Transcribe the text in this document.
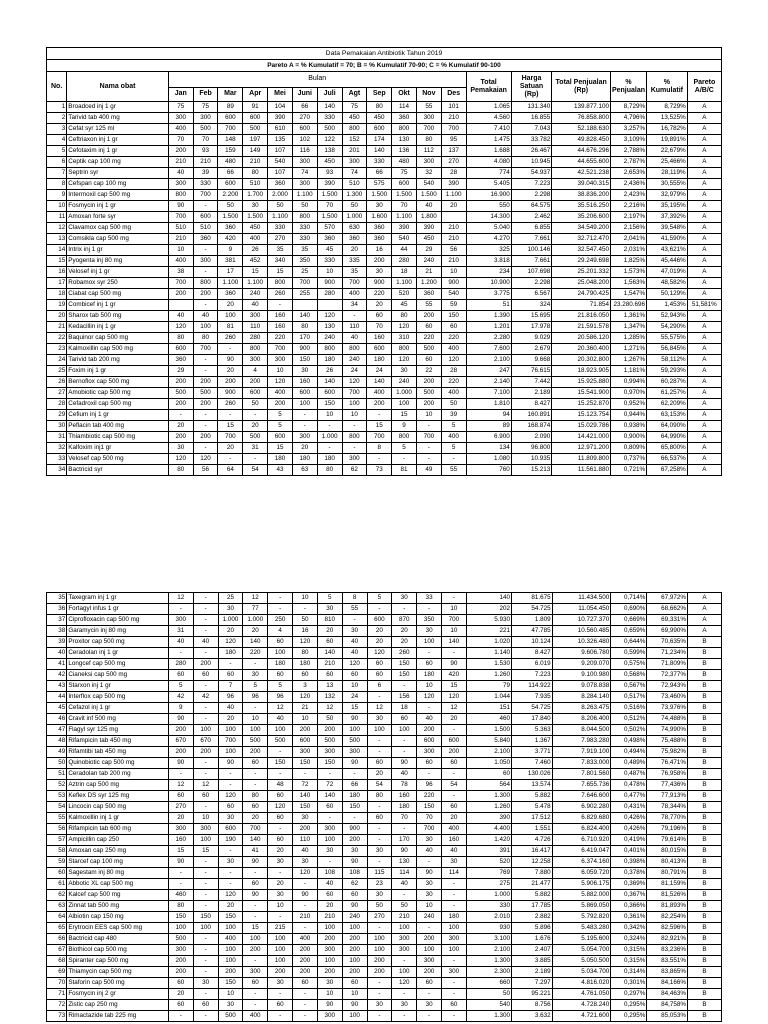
Data Pemakaian Antibiotik Tahun 2019																			
Pareto A = % Kumulatif = 70; B = % Kumulatif 70-90; C = % Kumulatif 90-100																			
No.	Nama obat	Bulan												Total Pemakaian	Harga Satuan (Rp)	Total Penjualan (Rp)	% Penjualan	% Kumulatif	Pareto A/B/C
		Jan	Feb	Mar	Apr	Mei	Juni	Juli	Agt	Sep	Okt	Nov	Des						
1	Broadced inj 1 gr	75	75	89	91	104	66	140	75	80	114	55	101	1.065	131.340	139.877.100	8,729%	8,729%	A
2	Tarivid tab 400 mg	300	300	600	600	390	270	330	450	450	360	300	210	4.560	16.855	76.858.800	4,796%	13,525%	A
3	Cefat syr 125 ml	400	500	700	500	610	600	500	800	600	800	700	700	7.410	7.043	52.188.630	3,257%	16,782%	A
4	Ceftriaxon inj 1 gr	70	70	148	197	135	102	122	152	174	130	80	95	1.475	33.782	49.828.450	3,109%	19,891%	A
5	Cefotaxim inj 1 gr	200	93	159	149	107	116	138	201	140	136	112	137	1.688	26.467	44.676.296	2,788%	22,679%	A
6	Ceptik cap 100 mg	210	210	480	210	540	300	450	300	330	480	300	270	4.080	10.945	44.655.600	2,787%	25,466%	A
7	Septrin syr	40	39	66	80	107	74	93	74	66	75	32	28	774	54.937	42.521.238	2,653%	28,119%	A
8	Cefspan cap 100 mg	300	330	600	510	360	300	390	510	575	600	540	390	5.405	7.223	39.040.315	2,436%	30,555%	A
9	Intermoxil cap 500 mg	800	700	2.200	1.700	2.000	1.100	1.500	1.300	1.500	1.500	1.500	1.100	16.900	2.298	38.836.200	2,423%	32,979%	A
10	Fosmycin inj 1 gr	90	-	50	30	50	50	70	50	30	70	40	20	550	64.575	35.516.250	2,216%	35,195%	A
11	Amoxan forte syr	700	600	1.500	1.500	1.100	800	1.500	1.000	1.600	1.100	1.800		14.300	2.462	35.206.600	2,197%	37,392%	A
12	Clavamox cap 500 mg	510	510	360	450	330	330	570	630	360	390	390	210	5.040	6.855	34.549.200	2,156%	39,548%	A
13	Comsikla cap 500 mg	210	360	420	400	270	330	360	360	360	540	450	210	4.270	7.661	32.712.470	2,041%	41,590%	A
14	Intrix inj 1 gr	10	-	9	26	35	35	45	20	16	44	29	56	325	100.146	32.547.450	2,031%	43,621%	A
15	Pyogenta inj 80 mg	400	300	381	452	340	350	330	335	200	280	240	210	3.818	7.661	29.249.698	1,825%	45,446%	A
16	Velosef inj 1 gr	38	-	17	15	15	25	10	35	30	18	21	10	234	107.698	25.201.332	1,573%	47,019%	A
17	Robamox syr 250	700	800	1.100	1.100	800	700	900	700	900	1.100	1.200	900	10.900	2.298	25.048.200	1,563%	48,582%	A
18	Ciabat cap 500 mg	200	200	360	240	260	255	280	400	220	520	360	540	3.775	6.567	24.790.425	1,547%	50,129%	A
19	Combicef inj 1 gr		-	20	40	-			34	20	45	55	59	51	324	71.854	23.280.696	1,453%	51,581%
20	Sharox tab 500 mg	40	40	100	300	160	140	120	-	60	80	200	150	1.390	15.695	21.816.050	1,361%	52,943%	A
21	Kedacillin inj 1 gr	120	100	81	110	160	80	130	110	70	120	60	60	1.201	17.978	21.591.578	1,347%	54,290%	A
22	Baquinor cap 500 mg	80	80	260	280	220	170	240	40	160	310	220	220	2.280	9.029	20.586.120	1,285%	55,575%	A
23	Kalmoxillin cap 500 mg	600	700	-	800	700	900	800	800	600	800	500	400	7.600	2.679	20.360.400	1,271%	56,845%	A
24	Tarivid tab 200 mg	360	-	90	300	300	150	180	240	180	120	60	120	2.100	9.668	20.302.800	1,267%	58,112%	A
25	Foxim inj 1 gr	29	-	20	4	10	30	26	24	24	30	22	28	247	76.615	18.923.905	1,181%	59,293%	A
26	Bernoflox cap 500 mg	200	200	200	200	120	160	140	120	140	240	200	220	2.140	7.442	15.925.880	0,994%	60,287%	A
27	Amobiotic cap 500 mg	500	500	900	600	400	600	600	700	400	1.000	500	400	7.100	2.189	15.541.900	0,970%	61,257%	A
28	Cefadroxil cap 500 mg	200	200	260	50	200	100	150	100	200	100	200	50	1.810	8.427	15.252.870	0,952%	62,209%	A
29	Cefium inj 1 gr	-	-	-	-	5	-	10	10	-	15	10	39	94	160.891	15.123.754	0,944%	63,153%	A
30	Peflacin tab 400 mg	20	-	15	20	5	-	-	-	15	9	-	5	89	168.874	15.029.786	0,938%	64,090%	A
31	Thiambiotic cap 500 mg	200	200	700	500	600	300	1.000	800	700	800	700	400	6.900	2.090	14.421.000	0,900%	64,990%	A
32	Kalfoxim inj1 gr	30	-	20	31	15	20	-	-	8	5	-	5	134	96.800	12.971.200	0,809%	65,800%	A
33	Velosef cap 500 mg	120	120	-	-	180	180	180	300	-	-	-	-	1.080	10.935	11.809.800	0,737%	66,537%	A
34	Bactricid syr	80	56	64	54	43	63	80	62	73	81	49	55	760	15.213	11.561.880	0,721%	67,258%	A
35	Taxegram inj 1 gr	12	-	25	12	-	10	5	8	5	30	33	-	140	81.675	11.434.500	0,714%	67,972%	A
36	Fortagyl infus 1 gr	-	-	30	77	-	-	30	55	-	-	-	10	202	54.725	11.054.450	0,690%	68,662%	A
37	Ciprofloxacin cap 500 mg	300	-	1.000	1.000	250	50	810	-	600	870	350	700	5.930	1.809	10.727.370	0,669%	69,331%	A
38	Garamycin inj 80 mg	31	-	20	20	4	16	20	30	20	20	30	10	221	47.785	10.560.485	0,659%	69,990%	A
39	Proxitor cap 500 mg	40	40	120	140	60	120	60	40	20	20	100	140	1.020	10.124	10.326.480	0,644%	70,635%	B
40	Ceradolan inj 1 gr	-	-	180	220	100	80	140	40	120	260	-	-	1.140	8.427	9.606.780	0,599%	71,234%	B
41	Longcef cap 500 mg	280	200	-	-	180	180	210	120	60	150	60	90	1.530	6.019	9.209.070	0,575%	71,809%	B
42	Cianeksi cap 500 mg	60	60	60	30	60	60	60	60	60	150	180	420	1.260	7.223	9.100.980	0,568%	72,377%	B
43	Starxon inj 1 gr	5	-	7	5	5	3	13	10	6	-	10	15	79	114.922	9.078.838	0,567%	72,943%	B
44	Interflox cap 500 mg	42	42	96	96	96	120	132	24	-	156	120	120	1.044	7.935	8.284.140	0,517%	73,460%	B
45	Cefazol inj 1 gr	9	-	40	-	12	21	12	15	12	18	-	12	151	54.725	8.263.475	0,516%	73,976%	B
46	Cravit inf 500 mg	90	-	20	10	40	10	50	90	30	60	40	20	460	17.840	8.206.400	0,512%	74,488%	B
47	Flagyl syr 125 mg	200	100	100	100	100	200	200	100	100	100	200	-	1.500	5.363	8.044.500	0,502%	74,990%	B
48	Rifampicin tab 450 mg	670	670	700	500	500	600	500	500	-	-	600	600	5.840	1.367	7.983.280	0,498%	75,488%	B
49	Rifamtibi tab 450 mg	200	200	100	200	-	300	300	300	-	-	300	200	2.100	3.771	7.919.100	0,494%	75,982%	B
50	Quinobiotic cap 500 mg	90	-	90	60	150	150	150	90	60	90	60	60	1.050	7.460	7.833.000	0,489%	76,471%	B
51	Ceradolan tab 200 mg	-	-	-	-	-	-	-	-	20	40	-	-	60	130.026	7.801.560	0,487%	76,958%	B
52	Aztrin cap 500 mg	12	12	-	-	48	72	72	66	54	78	96	54	564	13.574	7.655.736	0,478%	77,436%	B
53	Keflex DS syr 125 mg	60	60	120	80	60	140	140	180	80	160	220	-	1.300	5.882	7.646.600	0,477%	77,913%	B
54	Lincocin cap 500 mg	270	-	60	60	120	150	60	150	-	180	150	60	1.260	5.478	6.902.280	0,431%	78,344%	B
55	Kalmoxillin inj 1 gr	20	10	30	20	60	30	-	-	60	70	70	20	390	17.512	6.829.680	0,426%	78,770%	B
56	Rifampicin tab 600 mg	300	300	600	700	-	200	300	900	-	-	700	400	4.400	1.551	6.824.400	0,426%	79,196%	B
57	Ampicillin cap 250	160	100	190	140	60	110	100	200	-	170	30	160	1.420	4.726	6.710.920	0,419%	79,614%	B
58	Amoxan cap 250 mg	15	15	-	41	20	40	30	30	30	90	40	40	391	16.417	6.419.047	0,401%	80,015%	B
59	Starcef cap 100 mg	90	-	30	90	30	30	-	90	-	130	-	30	520	12.258	6.374.160	0,398%	80,413%	B
60	Sagestam inj 80 mg	-	-	-	-	-	120	108	108	115	114	90	114	769	7.880	6.059.720	0,378%	80,791%	B
61	Abbotic XL cap 500 mg	-	-	-	60	20	-	40	62	23	40	30	-	275	21.477	5.906.175	0,369%	81,159%	B
62	Kalcef cap 500 mg	460	-	120	90	30	90	60	60	30	-	30	-	1.000	5.882	5.882.000	0,367%	81,526%	B
63	Zinnat tab 500 mg	80	-	20	-	10	-	20	90	50	50	10	-	330	17.785	5.869.050	0,366%	81,893%	B
64	Albiotin cap 150 mg	150	150	150	-	-	210	210	240	270	210	240	180	2.010	2.882	5.792.820	0,361%	82,254%	B
65	Erytrocin EES cap 500 mg	100	100	100	15	215	-	100	100	-	100	-	100	930	5.896	5.483.280	0,342%	82,596%	B
66	Bactricid cap 480	500	-	400	100	100	400	200	200	100	300	200	300	3.100	1.676	5.195.600	0,324%	82,921%	B
67	Biothicol cap 500 mg	300	-	100	200	100	200	300	200	100	300	100	100	2.100	2.407	5.054.700	0,315%	83,236%	B
68	Spiranter cap 500 mg	200	-	100	-	100	200	100	100	200	-	300	-	1.300	3.885	5.050.500	0,315%	83,551%	B
69	Thiamycin cap 500 mg	200	-	200	300	200	200	200	200	200	100	200	300	2.300	2.189	5.034.700	0,314%	83,865%	B
70	Staforin cap 500 mg	60	30	150	60	30	60	30	60	-	120	60	-	660	7.297	4.816.020	0,301%	84,166%	B
71	Fosmycin inj 2 gr	20	-	10	-	-	-	10	10	-	-	-	-	50	95.221	4.761.050	0,297%	84,463%	B
72	Zistic cap 250 mg	60	60	30	-	60	-	90	90	30	30	30	60	540	8.756	4.728.240	0,295%	84,758%	B
73	Rimactazide tab 225 mg	-	-	500	400	-	-	300	100	-	-	-	-	1.300	3.632	4.721.600	0,295%	85,053%	B
